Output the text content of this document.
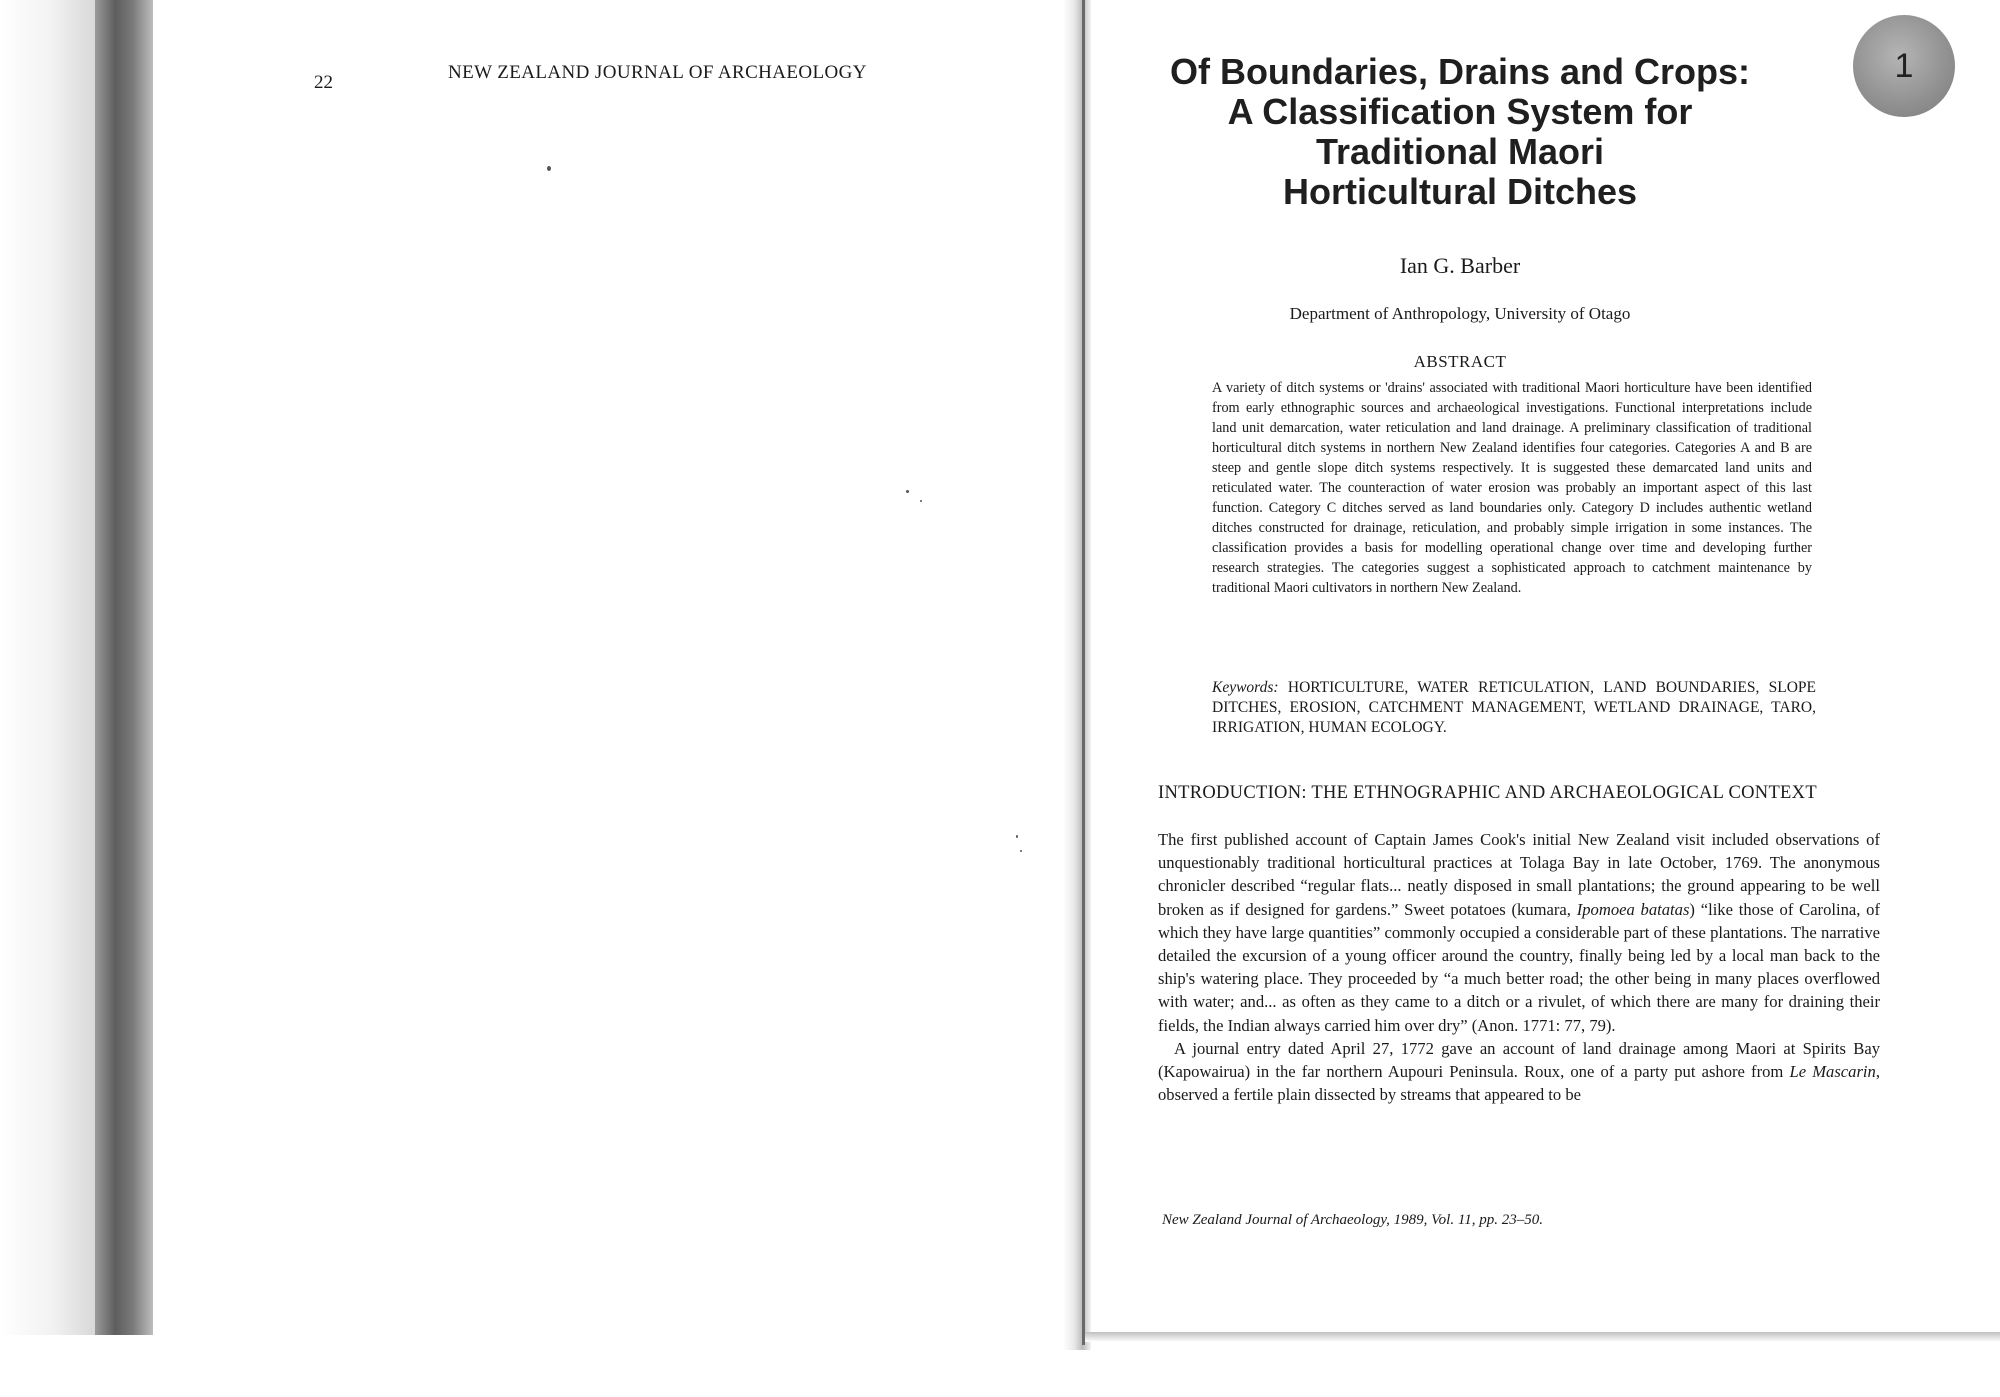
22	NEW ZEALAND JOURNAL OF ARCHAEOLOGY	1
Of Boundaries, Drains and Crops:
A Classification System for
Traditional Maori
Horticultural Ditches
Ian G. Barber
Department of Anthropology, University of Otago
ABSTRACT

A variety of ditch systems or 'drains' associated with traditional Maori horticulture have been identified from early ethnographic sources and archaeological investigations. Functional interpretations include land unit demarcation, water reticulation and land drainage. A preliminary classification of traditional horticultural ditch systems in northern New Zealand identifies four categories. Categories A and B are steep and gentle slope ditch systems respectively. It is suggested these demarcated land units and reticulated water. The counteraction of water erosion was probably an important aspect of this last function. Category C ditches served as land boundaries only. Category D includes authentic wetland ditches constructed for drainage, reticulation, and probably simple irrigation in some instances. The classification provides a basis for modelling operational change over time and developing further research strategies. The categories suggest a sophisticated approach to catchment maintenance by traditional Maori cultivators in northern New Zealand.

Keywords: HORTICULTURE, WATER RETICULATION, LAND BOUNDARIES, SLOPE DITCHES, EROSION, CATCHMENT MANAGEMENT, WETLAND DRAINAGE, TARO, IRRIGATION, HUMAN ECOLOGY.

INTRODUCTION: THE ETHNOGRAPHIC AND ARCHAEOLOGICAL CONTEXT

The first published account of Captain James Cook's initial New Zealand visit included observations of unquestionably traditional horticultural practices at Tolaga Bay in late October, 1769. The anonymous chronicler described “regular flats... neatly disposed in small plantations; the ground appearing to be well broken as if designed for gardens.” Sweet potatoes (kumara, Ipomoea batatas) “like those of Carolina, of which they have large quantities” commonly occupied a considerable part of these plantations. The narrative detailed the excursion of a young officer around the country, finally being led by a local man back to the ship's watering place. They proceeded by “a much better road; the other being in many places overflowed with water; and... as often as they came to a ditch or a rivulet, of which there are many for draining their fields, the Indian always carried him over dry” (Anon. 1771: 77, 79).

A journal entry dated April 27, 1772 gave an account of land drainage among Maori at Spirits Bay (Kapowairua) in the far northern Aupouri Peninsula. Roux, one of a party put ashore from Le Mascarin, observed a fertile plain dissected by streams that appeared to be

New Zealand Journal of Archaeology, 1989, Vol. 11, pp. 23–50.
